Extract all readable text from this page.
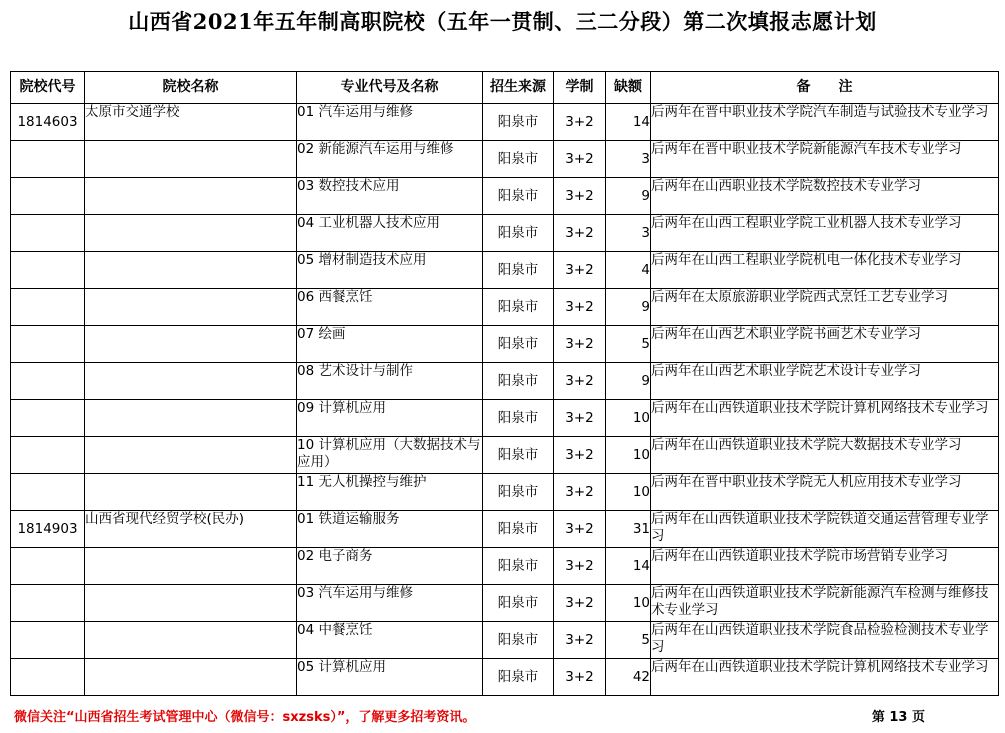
山西省2021年五年制高职院校（五年一贯制、三二分段）第二次填报志愿计划
院校代号	院校名称	专业代号及名称	招生来源	学制	缺额	备　　注
1814603	太原市交通学校	01 汽车运用与维修	阳泉市	3+2	14	后两年在晋中职业技术学院汽车制造与试验技术专业学习
		02 新能源汽车运用与维修	阳泉市	3+2	3	后两年在晋中职业技术学院新能源汽车技术专业学习
		03 数控技术应用	阳泉市	3+2	9	后两年在山西职业技术学院数控技术专业学习
		04 工业机器人技术应用	阳泉市	3+2	3	后两年在山西工程职业学院工业机器人技术专业学习
		05 增材制造技术应用	阳泉市	3+2	4	后两年在山西工程职业学院机电一体化技术专业学习
		06 西餐烹饪	阳泉市	3+2	9	后两年在太原旅游职业学院西式烹饪工艺专业学习
		07 绘画	阳泉市	3+2	5	后两年在山西艺术职业学院书画艺术专业学习
		08 艺术设计与制作	阳泉市	3+2	9	后两年在山西艺术职业学院艺术设计专业学习
		09 计算机应用	阳泉市	3+2	10	后两年在山西铁道职业技术学院计算机网络技术专业学习
		10 计算机应用（大数据技术与应用）	阳泉市	3+2	10	后两年在山西铁道职业技术学院大数据技术专业学习
		11 无人机操控与维护	阳泉市	3+2	10	后两年在晋中职业技术学院无人机应用技术专业学习
1814903	山西省现代经贸学校(民办)	01 铁道运输服务	阳泉市	3+2	31	后两年在山西铁道职业技术学院铁道交通运营管理专业学习
		02 电子商务	阳泉市	3+2	14	后两年在山西铁道职业技术学院市场营销专业学习
		03 汽车运用与维修	阳泉市	3+2	10	后两年在山西铁道职业技术学院新能源汽车检测与维修技术专业学习
		04 中餐烹饪	阳泉市	3+2	5	后两年在山西铁道职业技术学院食品检验检测技术专业学习
		05 计算机应用	阳泉市	3+2	42	后两年在山西铁道职业技术学院计算机网络技术专业学习
微信关注“山西省招生考试管理中心（微信号：sxzsks）”，了解更多招考资讯。	第 13 页
